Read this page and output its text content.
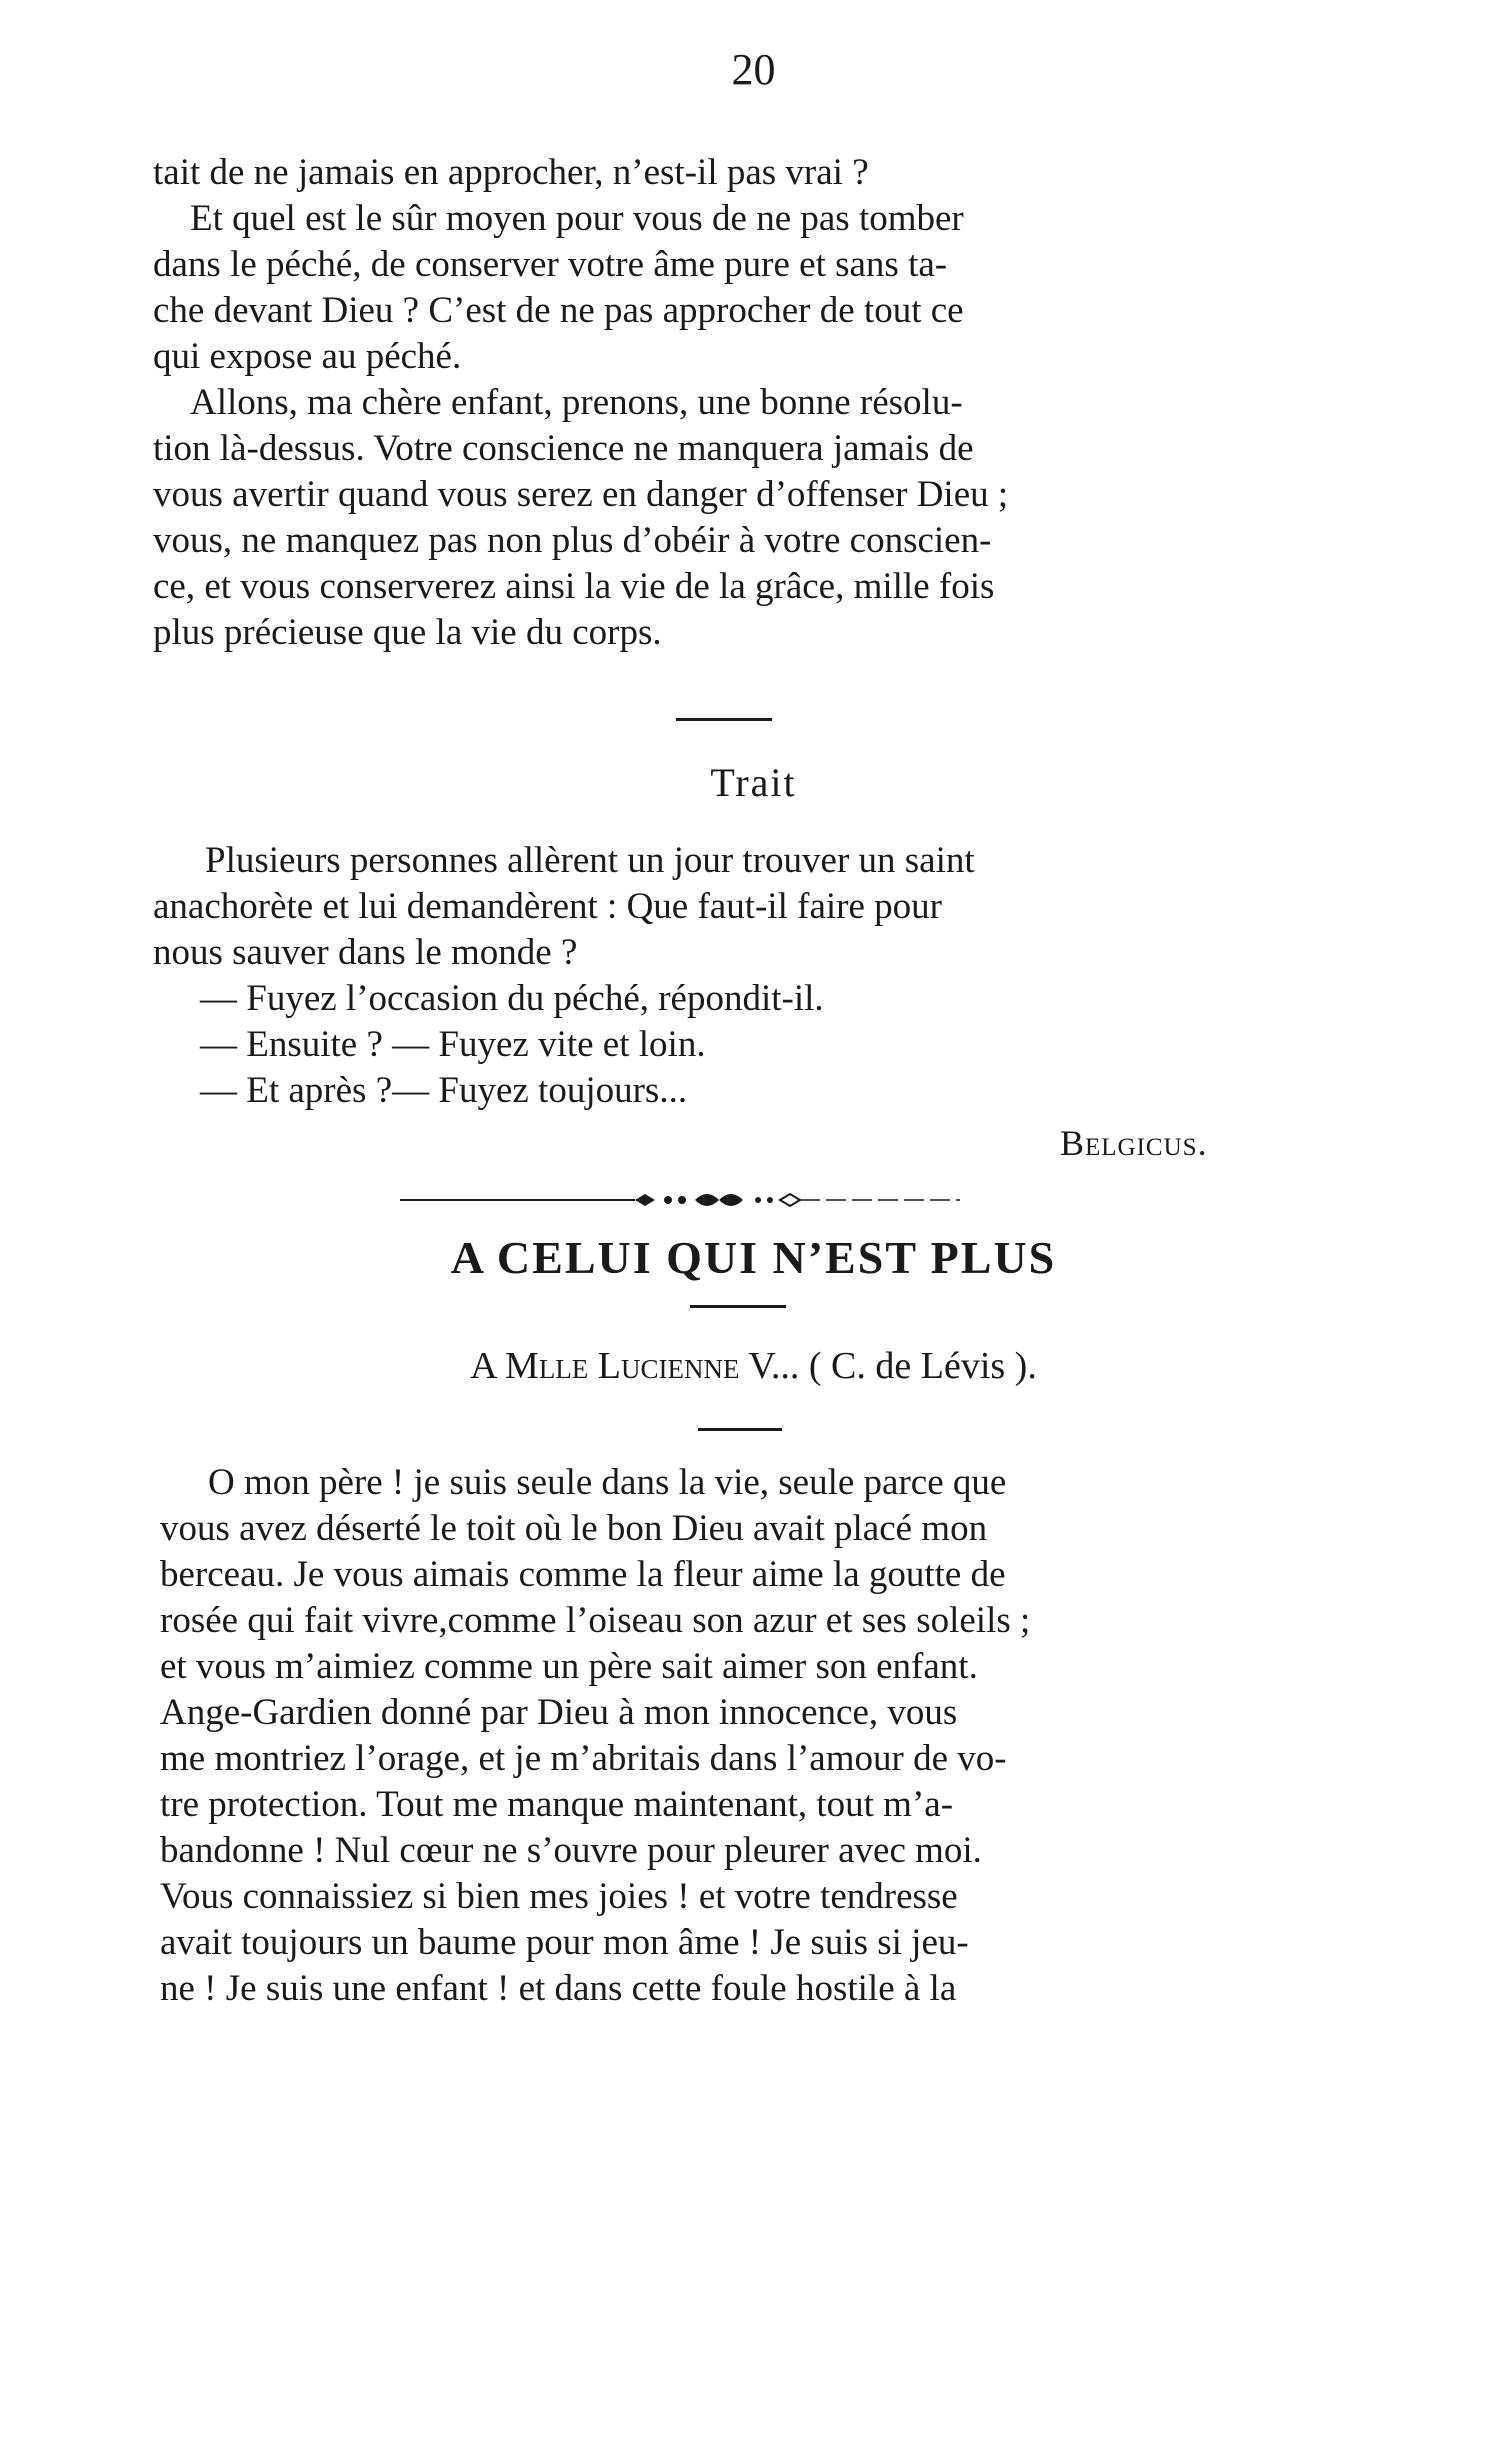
20
tait de ne jamais en approcher, n’est-il pas vrai ?
Et quel est le sûr moyen pour vous de ne pas tomber
dans le péché, de conserver votre âme pure et sans ta-
che devant Dieu ? C’est de ne pas approcher de tout ce
qui expose au péché.
Allons, ma chère enfant, prenons, une bonne résolu-
tion là-dessus. Votre conscience ne manquera jamais de
vous avertir quand vous serez en danger d’offenser Dieu ;
vous, ne manquez pas non plus d’obéir à votre conscien-
ce, et vous conserverez ainsi la vie de la grâce, mille fois
plus précieuse que la vie du corps.
Trait
Plusieurs personnes allèrent un jour trouver un saint
anachorète et lui demandèrent : Que faut-il faire pour
nous sauver dans le monde ?
— Fuyez l’occasion du péché, répondit-il.
— Ensuite ? — Fuyez vite et loin.
— Et après ?— Fuyez toujours...
Belgicus.
A CELUI QUI N’EST PLUS
A Mlle Lucienne V... ( C. de Lévis ).
O mon père ! je suis seule dans la vie, seule parce que
vous avez déserté le toit où le bon Dieu avait placé mon
berceau. Je vous aimais comme la fleur aime la goutte de
rosée qui fait vivre,comme l’oiseau son azur et ses soleils ;
et vous m’aimiez comme un père sait aimer son enfant.
Ange-Gardien donné par Dieu à mon innocence, vous
me montriez l’orage, et je m’abritais dans l’amour de vo-
tre protection. Tout me manque maintenant, tout m’a-
bandonne ! Nul cœur ne s’ouvre pour pleurer avec moi.
Vous connaissiez si bien mes joies ! et votre tendresse
avait toujours un baume pour mon âme ! Je suis si jeu-
ne ! Je suis une enfant ! et dans cette foule hostile à la
